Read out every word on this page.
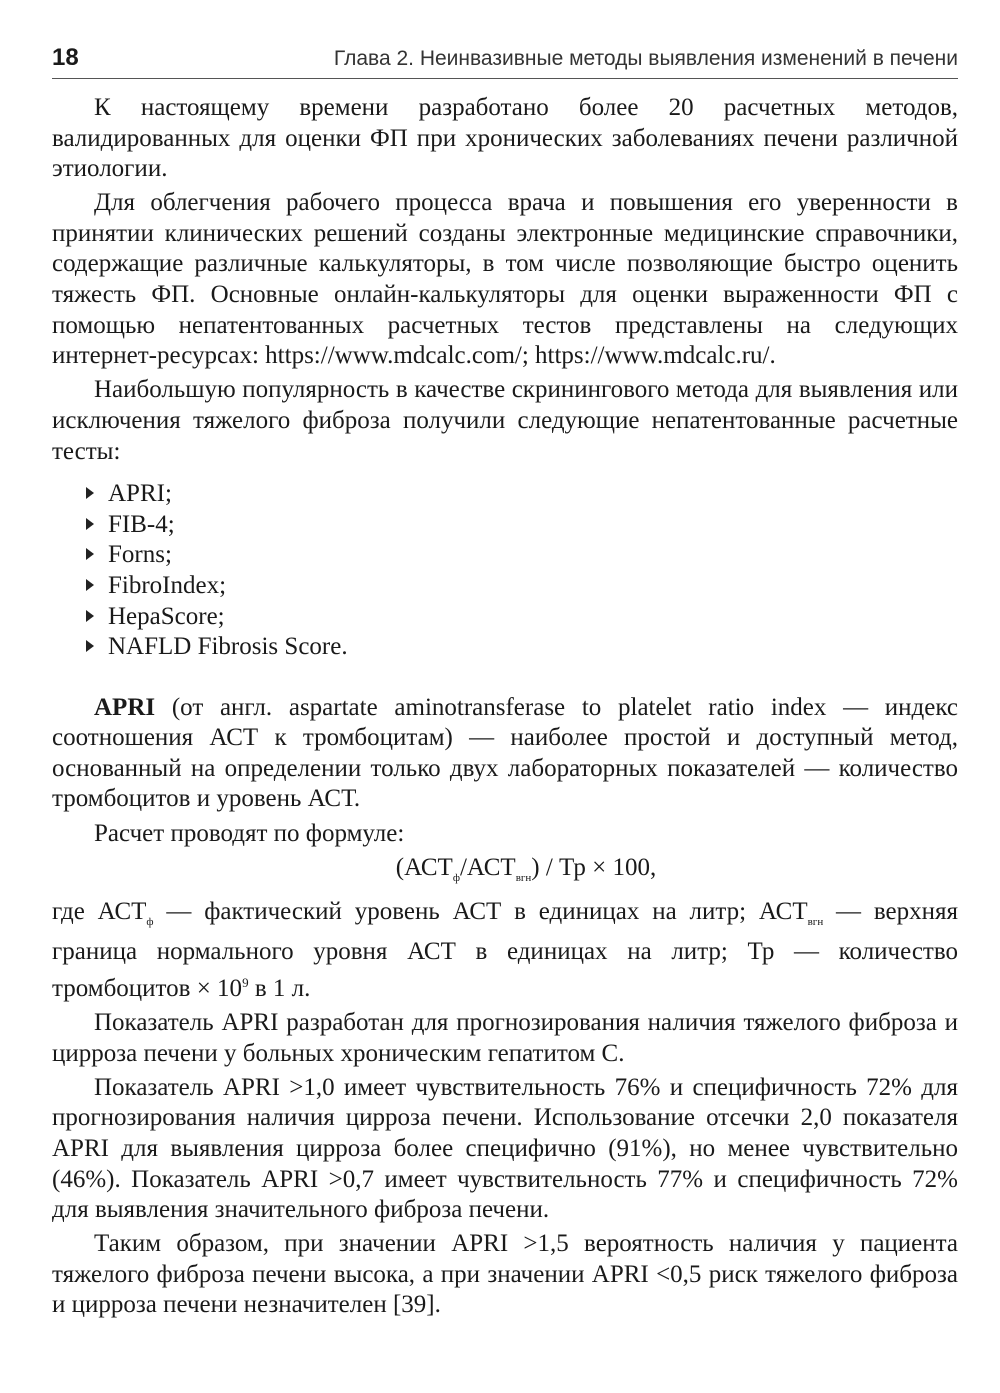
18	Глава 2. Неинвазивные методы выявления изменений в печени

К настоящему времени разработано более 20 расчетных методов, валидированных для оценки ФП при хронических заболеваниях печени различной этиологии.

Для облегчения рабочего процесса врача и повышения его уверенности в принятии клинических решений созданы электронные медицинские справочники, содержащие различные калькуляторы, в том числе позволяющие быстро оценить тяжесть ФП. Основные онлайн-калькуляторы для оценки выраженности ФП с помощью непатентованных расчетных тестов представлены на следующих интернет-ресурсах: https://www.mdcalc.com/; https://www.mdcalc.ru/.

Наибольшую популярность в качестве скринингового метода для выявления или исключения тяжелого фиброза получили следующие непатентованные расчетные тесты:

APRI;
FIB-4;
Forns;
FibroIndex;
HepaScore;
NAFLD Fibrosis Score.

APRI (от англ. aspartate aminotransferase to platelet ratio index — индекс соотношения АСТ к тромбоцитам) — наиболее простой и доступный метод, основанный на определении только двух лабораторных показателей — количество тромбоцитов и уровень АСТ.

Расчет проводят по формуле:

$(АСТ_ф/АСТ_{вгн})$ / Тр × 100,

где $АСТ_ф$ — фактический уровень АСТ в единицах на литр; $АСТ_{вгн}$ — верхняя граница нормального уровня АСТ в единицах на литр; Тр — количество тромбоцитов × $10^9$ в 1 л.

Показатель APRI разработан для прогнозирования наличия тяжелого фиброза и цирроза печени у больных хроническим гепатитом С.

Показатель APRI >1,0 имеет чувствительность 76% и специфичность 72% для прогнозирования наличия цирроза печени. Использование отсечки 2,0 показателя APRI для выявления цирроза более специфично (91%), но менее чувствительно (46%). Показатель APRI >0,7 имеет чувствительность 77% и специфичность 72% для выявления значительного фиброза печени.

Таким образом, при значении APRI >1,5 вероятность наличия у пациента тяжелого фиброза печени высока, а при значении APRI <0,5 риск тяжелого фиброза и цирроза печени незначителен [39].
